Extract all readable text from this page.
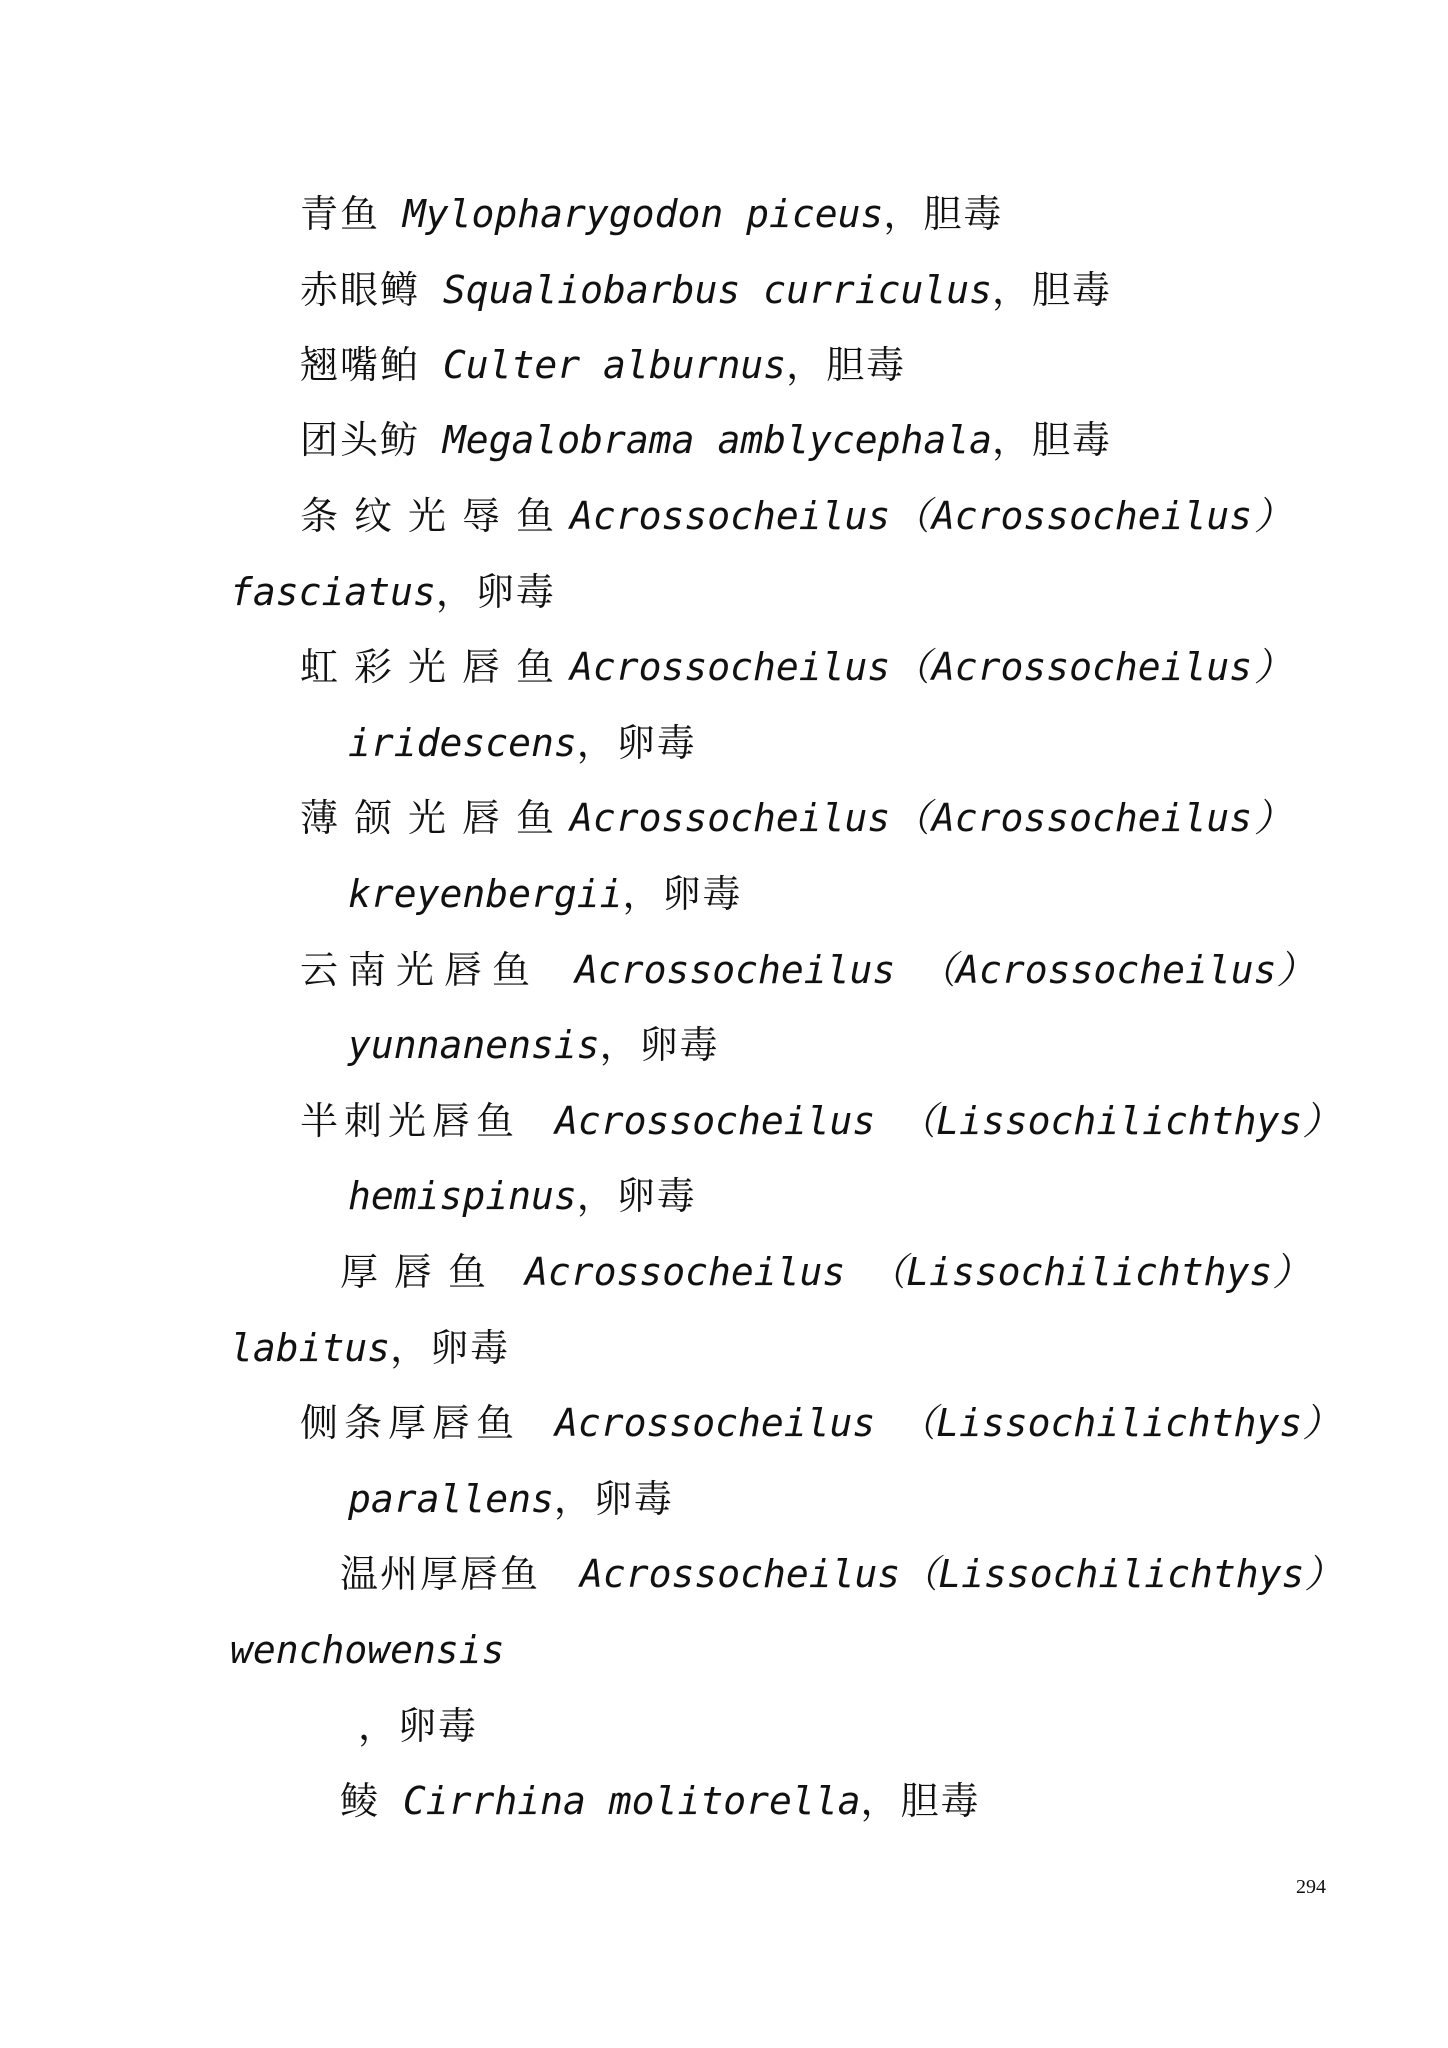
青鱼 Mylopharygodon piceus，胆毒
赤眼鳟 Squaliobarbus curriculus，胆毒
翘嘴鲌 Culter alburnus，胆毒
团头鲂 Megalobrama amblycephala，胆毒
条纹光辱鱼Acrossocheilus（Acrossocheilus）
fasciatus，卵毒
虹彩光唇鱼Acrossocheilus（Acrossocheilus）
iridescens，卵毒
薄颌光唇鱼Acrossocheilus（Acrossocheilus）
kreyenbergii，卵毒
云南光唇鱼 Acrossocheilus （Acrossocheilus）
yunnanensis，卵毒
半刺光唇鱼 Acrossocheilus （Lissochilichthys）
hemispinus，卵毒
厚唇鱼 Acrossocheilus （Lissochilichthys）
labitus，卵毒
侧条厚唇鱼 Acrossocheilus （Lissochilichthys）
parallens，卵毒
温州厚唇鱼 Acrossocheilus（Lissochilichthys）
wenchowensis
，卵毒
鲮 Cirrhina molitorella，胆毒
294
